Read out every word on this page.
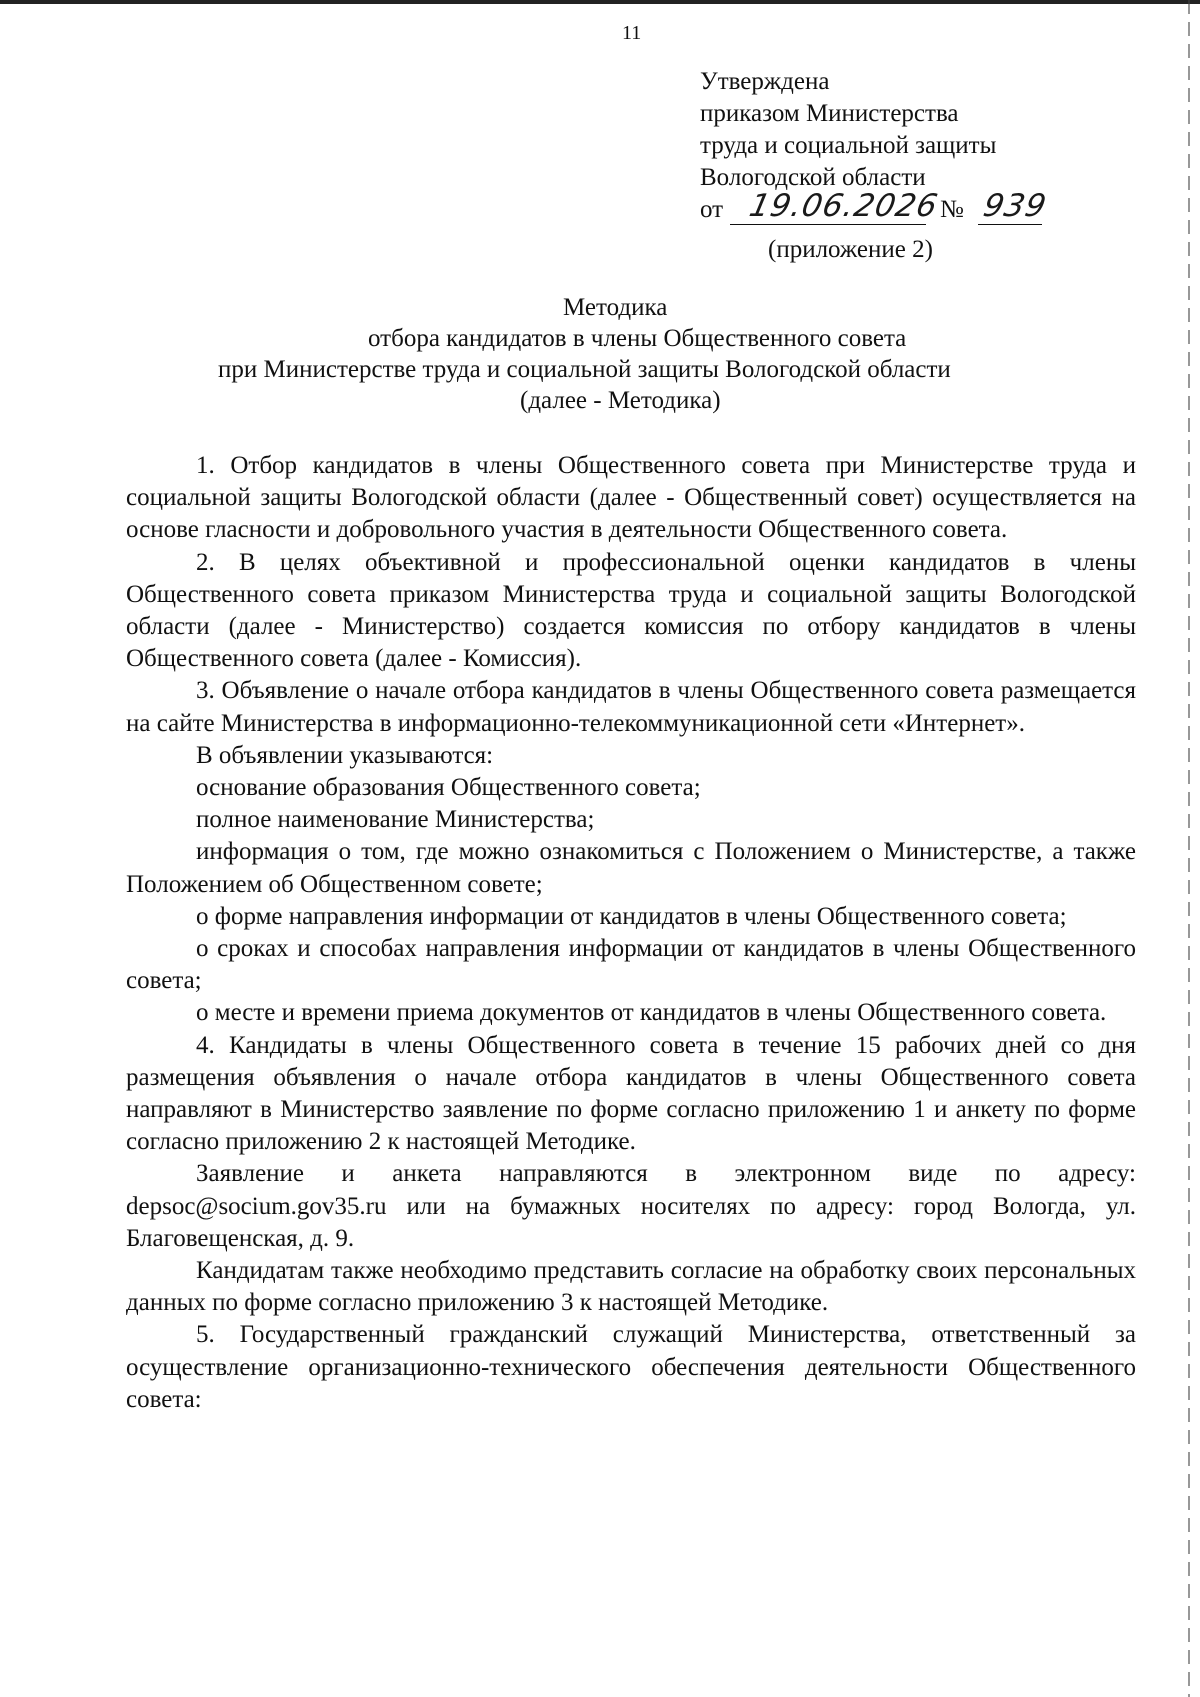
11
Утверждена
приказом Министерства
труда и социальной защиты
Вологодской области
от 19.06.2026
№ 939
(приложение 2)
Методика
отбора кандидатов в члены Общественного совета
при Министерстве труда и социальной защиты Вологодской области
(далее - Методика)

1. Отбор кандидатов в члены Общественного совета при Министерстве труда и социальной защиты Вологодской области (далее - Общественный совет) осуществляется на основе гласности и добровольного участия в деятельности Общественного совета.

2. В целях объективной и профессиональной оценки кандидатов в члены Общественного совета приказом Министерства труда и социальной защиты Вологодской области (далее - Министерство) создается комиссия по отбору кандидатов в члены Общественного совета (далее - Комиссия).

3. Объявление о начале отбора кандидатов в члены Общественного совета размещается на сайте Министерства в информационно-телекоммуникационной сети «Интернет».

В объявлении указываются:

основание образования Общественного совета;

полное наименование Министерства;

информация о том, где можно ознакомиться с Положением о Министерстве, а также Положением об Общественном совете;

о форме направления информации от кандидатов в члены Общественного совета;

о сроках и способах направления информации от кандидатов в члены Общественного совета;

о месте и времени приема документов от кандидатов в члены Общественного совета.

4. Кандидаты в члены Общественного совета в течение 15 рабочих дней со дня размещения объявления о начале отбора кандидатов в члены Общественного совета направляют в Министерство заявление по форме согласно приложению 1 и анкету по форме согласно приложению 2 к настоящей Методике.

Заявление и анкета направляются в электронном виде по адресу: depsoc@socium.gov35.ru или на бумажных носителях по адресу: город Вологда, ул. Благовещенская, д. 9.

Кандидатам также необходимо представить согласие на обработку своих персональных данных по форме согласно приложению 3 к настоящей Методике.

5. Государственный гражданский служащий Министерства, ответственный за осуществление организационно-технического обеспечения деятельности Общественного совета:
